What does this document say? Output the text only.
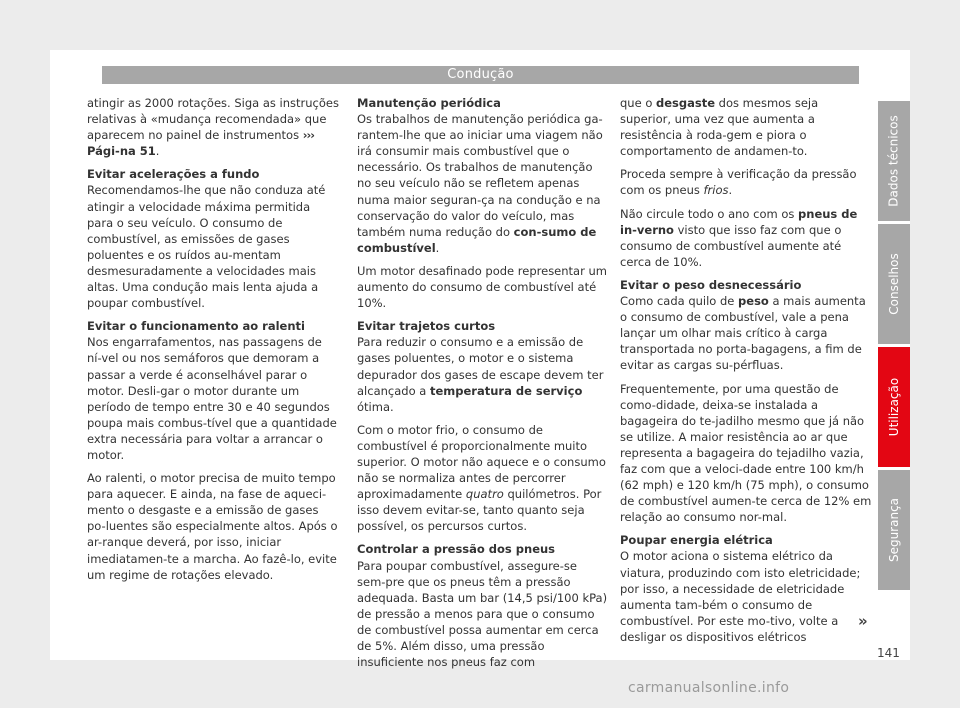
Condução

atingir as 2000 rotações. Siga as instruções relativas à «mudança recomendada» que aparecem no painel de instrumentos ››› Pági-na 51.

Evitar acelerações a fundo

Recomendamos-lhe que não conduza até atingir a velocidade máxima permitida para o seu veículo. O consumo de combustível, as emissões de gases poluentes e os ruídos au-mentam desmesuradamente a velocidades mais altas. Uma condução mais lenta ajuda a poupar combustível.

Evitar o funcionamento ao ralenti

Nos engarrafamentos, nas passagens de ní-vel ou nos semáforos que demoram a passar a verde é aconselhável parar o motor. Desli-gar o motor durante um período de tempo entre 30 e 40 segundos poupa mais combus-tível que a quantidade extra necessária para voltar a arrancar o motor.

Ao ralenti, o motor precisa de muito tempo para aquecer. E ainda, na fase de aqueci-mento o desgaste e a emissão de gases po-luentes são especialmente altos. Após o ar-ranque deverá, por isso, iniciar imediatamen-te a marcha. Ao fazê-lo, evite um regime de rotações elevado.

Manutenção periódica

Os trabalhos de manutenção periódica ga-rantem-lhe que ao iniciar uma viagem não irá consumir mais combustível que o necessário. Os trabalhos de manutenção no seu veículo não se refletem apenas numa maior seguran-ça na condução e na conservação do valor do veículo, mas também numa redução do con-sumo de combustível.

Um motor desafinado pode representar um aumento do consumo de combustível até 10%.

Evitar trajetos curtos

Para reduzir o consumo e a emissão de gases poluentes, o motor e o sistema depurador dos gases de escape devem ter alcançado a temperatura de serviço ótima.

Com o motor frio, o consumo de combustível é proporcionalmente muito superior. O motor não aquece e o consumo não se normaliza antes de percorrer aproximadamente quatro quilómetros. Por isso devem evitar-se, tanto quanto seja possível, os percursos curtos.

Controlar a pressão dos pneus

Para poupar combustível, assegure-se sem-pre que os pneus têm a pressão adequada. Basta um bar (14,5 psi/100 kPa) de pressão a menos para que o consumo de combustível possa aumentar em cerca de 5%. Além disso, uma pressão insuficiente nos pneus faz com

que o desgaste dos mesmos seja superior, uma vez que aumenta a resistência à roda-gem e piora o comportamento de andamen-to.

Proceda sempre à verificação da pressão com os pneus frios.

Não circule todo o ano com os pneus de in-verno visto que isso faz com que o consumo de combustível aumente até cerca de 10%.

Evitar o peso desnecessário

Como cada quilo de peso a mais aumenta o consumo de combustível, vale a pena lançar um olhar mais crítico à carga transportada no porta-bagagens, a fim de evitar as cargas su-pérfluas.

Frequentemente, por uma questão de como-didade, deixa-se instalada a bagageira do te-jadilho mesmo que já não se utilize. A maior resistência ao ar que representa a bagageira do tejadilho vazia, faz com que a veloci-dade entre 100 km/h (62 mph) e 120 km/h (75 mph), o consumo de combustível aumen-te cerca de 12% em relação ao consumo nor-mal.

Poupar energia elétrica

O motor aciona o sistema elétrico da viatura, produzindo com isto eletricidade; por isso, a necessidade de eletricidade aumenta tam-bém o consumo de combustível. Por este mo-tivo, volte a desligar os dispositivos elétricos

»
141
Dados técnicos
Conselhos
Utilização
Segurança
carmanualsonline.info
